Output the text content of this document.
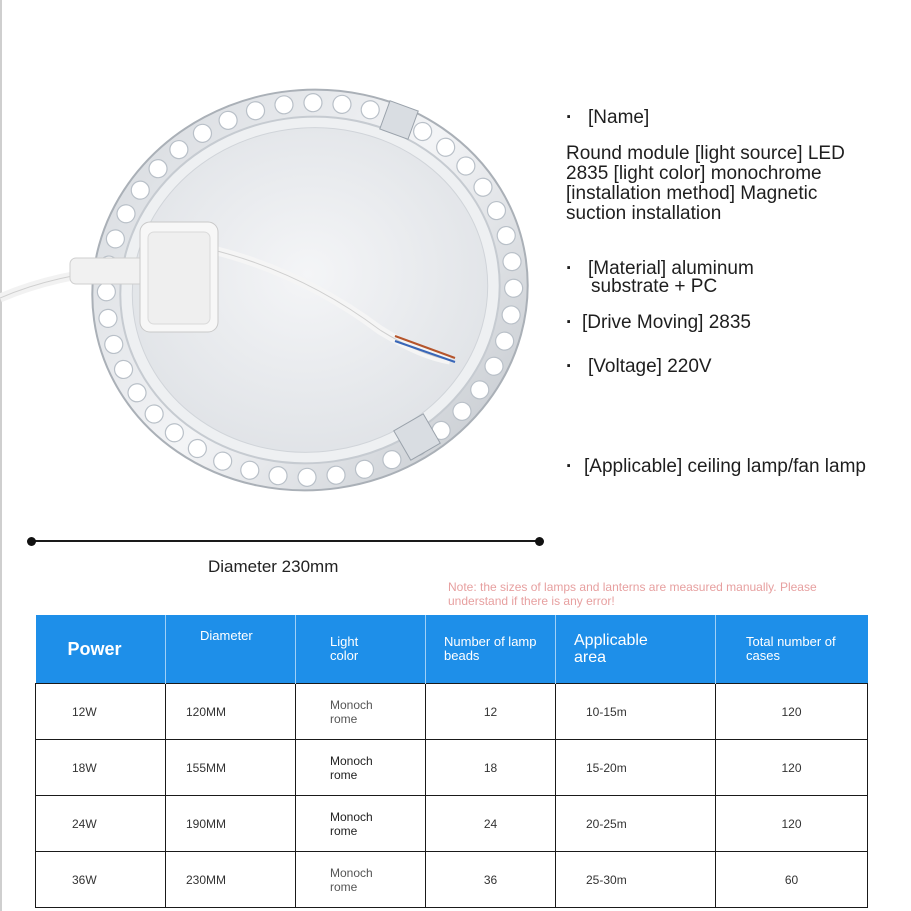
· [Name]
Round module [light source] LED
2835 [light color] monochrome
[installation method] Magnetic
suction installation
· [Material] aluminum
substrate + PC
· [Drive Moving] 2835
· [Voltage] 220V
· [Applicable] ceiling lamp/fan lamp
Diameter 230mm
Note: the sizes of lamps and lanterns are measured manually. Please understand if there is any error!
Power	Diameter	Light color	Number of lamp beads	Applicable area	Total number of cases
12W	120MM	Monochrome	12	10-15m	120
18W	155MM	Monochrome	18	15-20m	120
24W	190MM	Monochrome	24	20-25m	120
36W	230MM	Monochrome	36	25-30m	60
